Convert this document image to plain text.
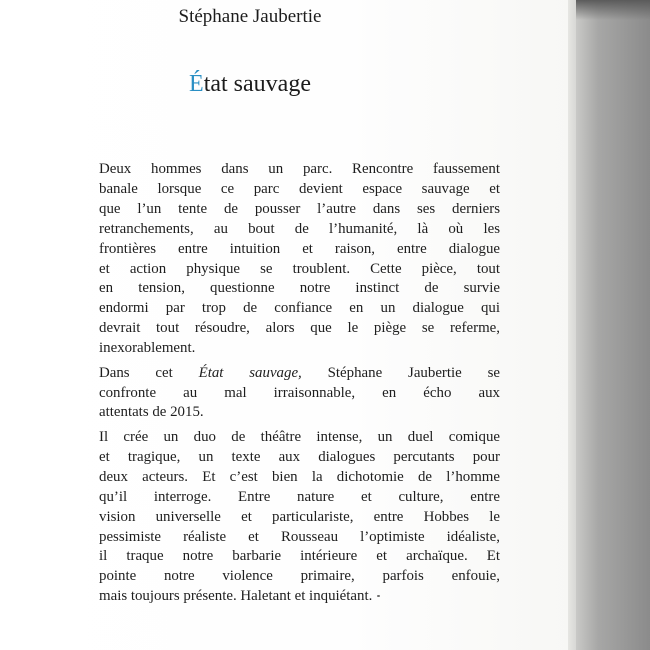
Stéphane Jaubertie
État sauvage

Deux hommes dans un parc. Rencontre faussement
banale lorsque ce parc devient espace sauvage et
que l’un tente de pousser l’autre dans ses derniers
retranchements, au bout de l’humanité, là où les
frontières entre intuition et raison, entre dialogue
et action physique se troublent. Cette pièce, tout
en tension, questionne notre instinct de survie
endormi par trop de confiance en un dialogue qui
devrait tout résoudre, alors que le piège se referme,
inexorablement.

Dans cet État sauvage, Stéphane Jaubertie se
confronte au mal irraisonnable, en écho aux
attentats de 2015.

Il crée un duo de théâtre intense, un duel comique
et tragique, un texte aux dialogues percutants pour
deux acteurs. Et c’est bien la dichotomie de l’homme
qu’il interroge. Entre nature et culture, entre
vision universelle et particulariste, entre Hobbes le
pessimiste réaliste et Rousseau l’optimiste idéaliste,
il traque notre barbarie intérieure et archaïque. Et
pointe notre violence primaire, parfois enfouie,
mais toujours présente. Haletant et inquiétant.
